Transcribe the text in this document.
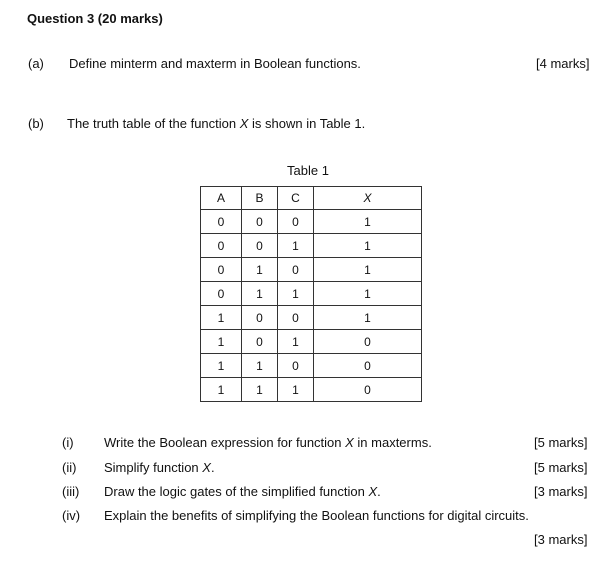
Question 3 (20 marks)
(a) Define minterm and maxterm in Boolean functions.	[4 marks]
(b) The truth table of the function X is shown in Table 1.
Table 1
A	B	C	X
0	0	0	1
0	0	1	1
0	1	0	1
0	1	1	1
1	0	0	1
1	0	1	0
1	1	0	0
1	1	1	0
(i) Write the Boolean expression for function X in maxterms.	[5 marks]
(ii) Simplify function X.	[5 marks]
(iii) Draw the logic gates of the simplified function X.	[3 marks]
(iv) Explain the benefits of simplifying the Boolean functions for digital circuits.
[3 marks]
